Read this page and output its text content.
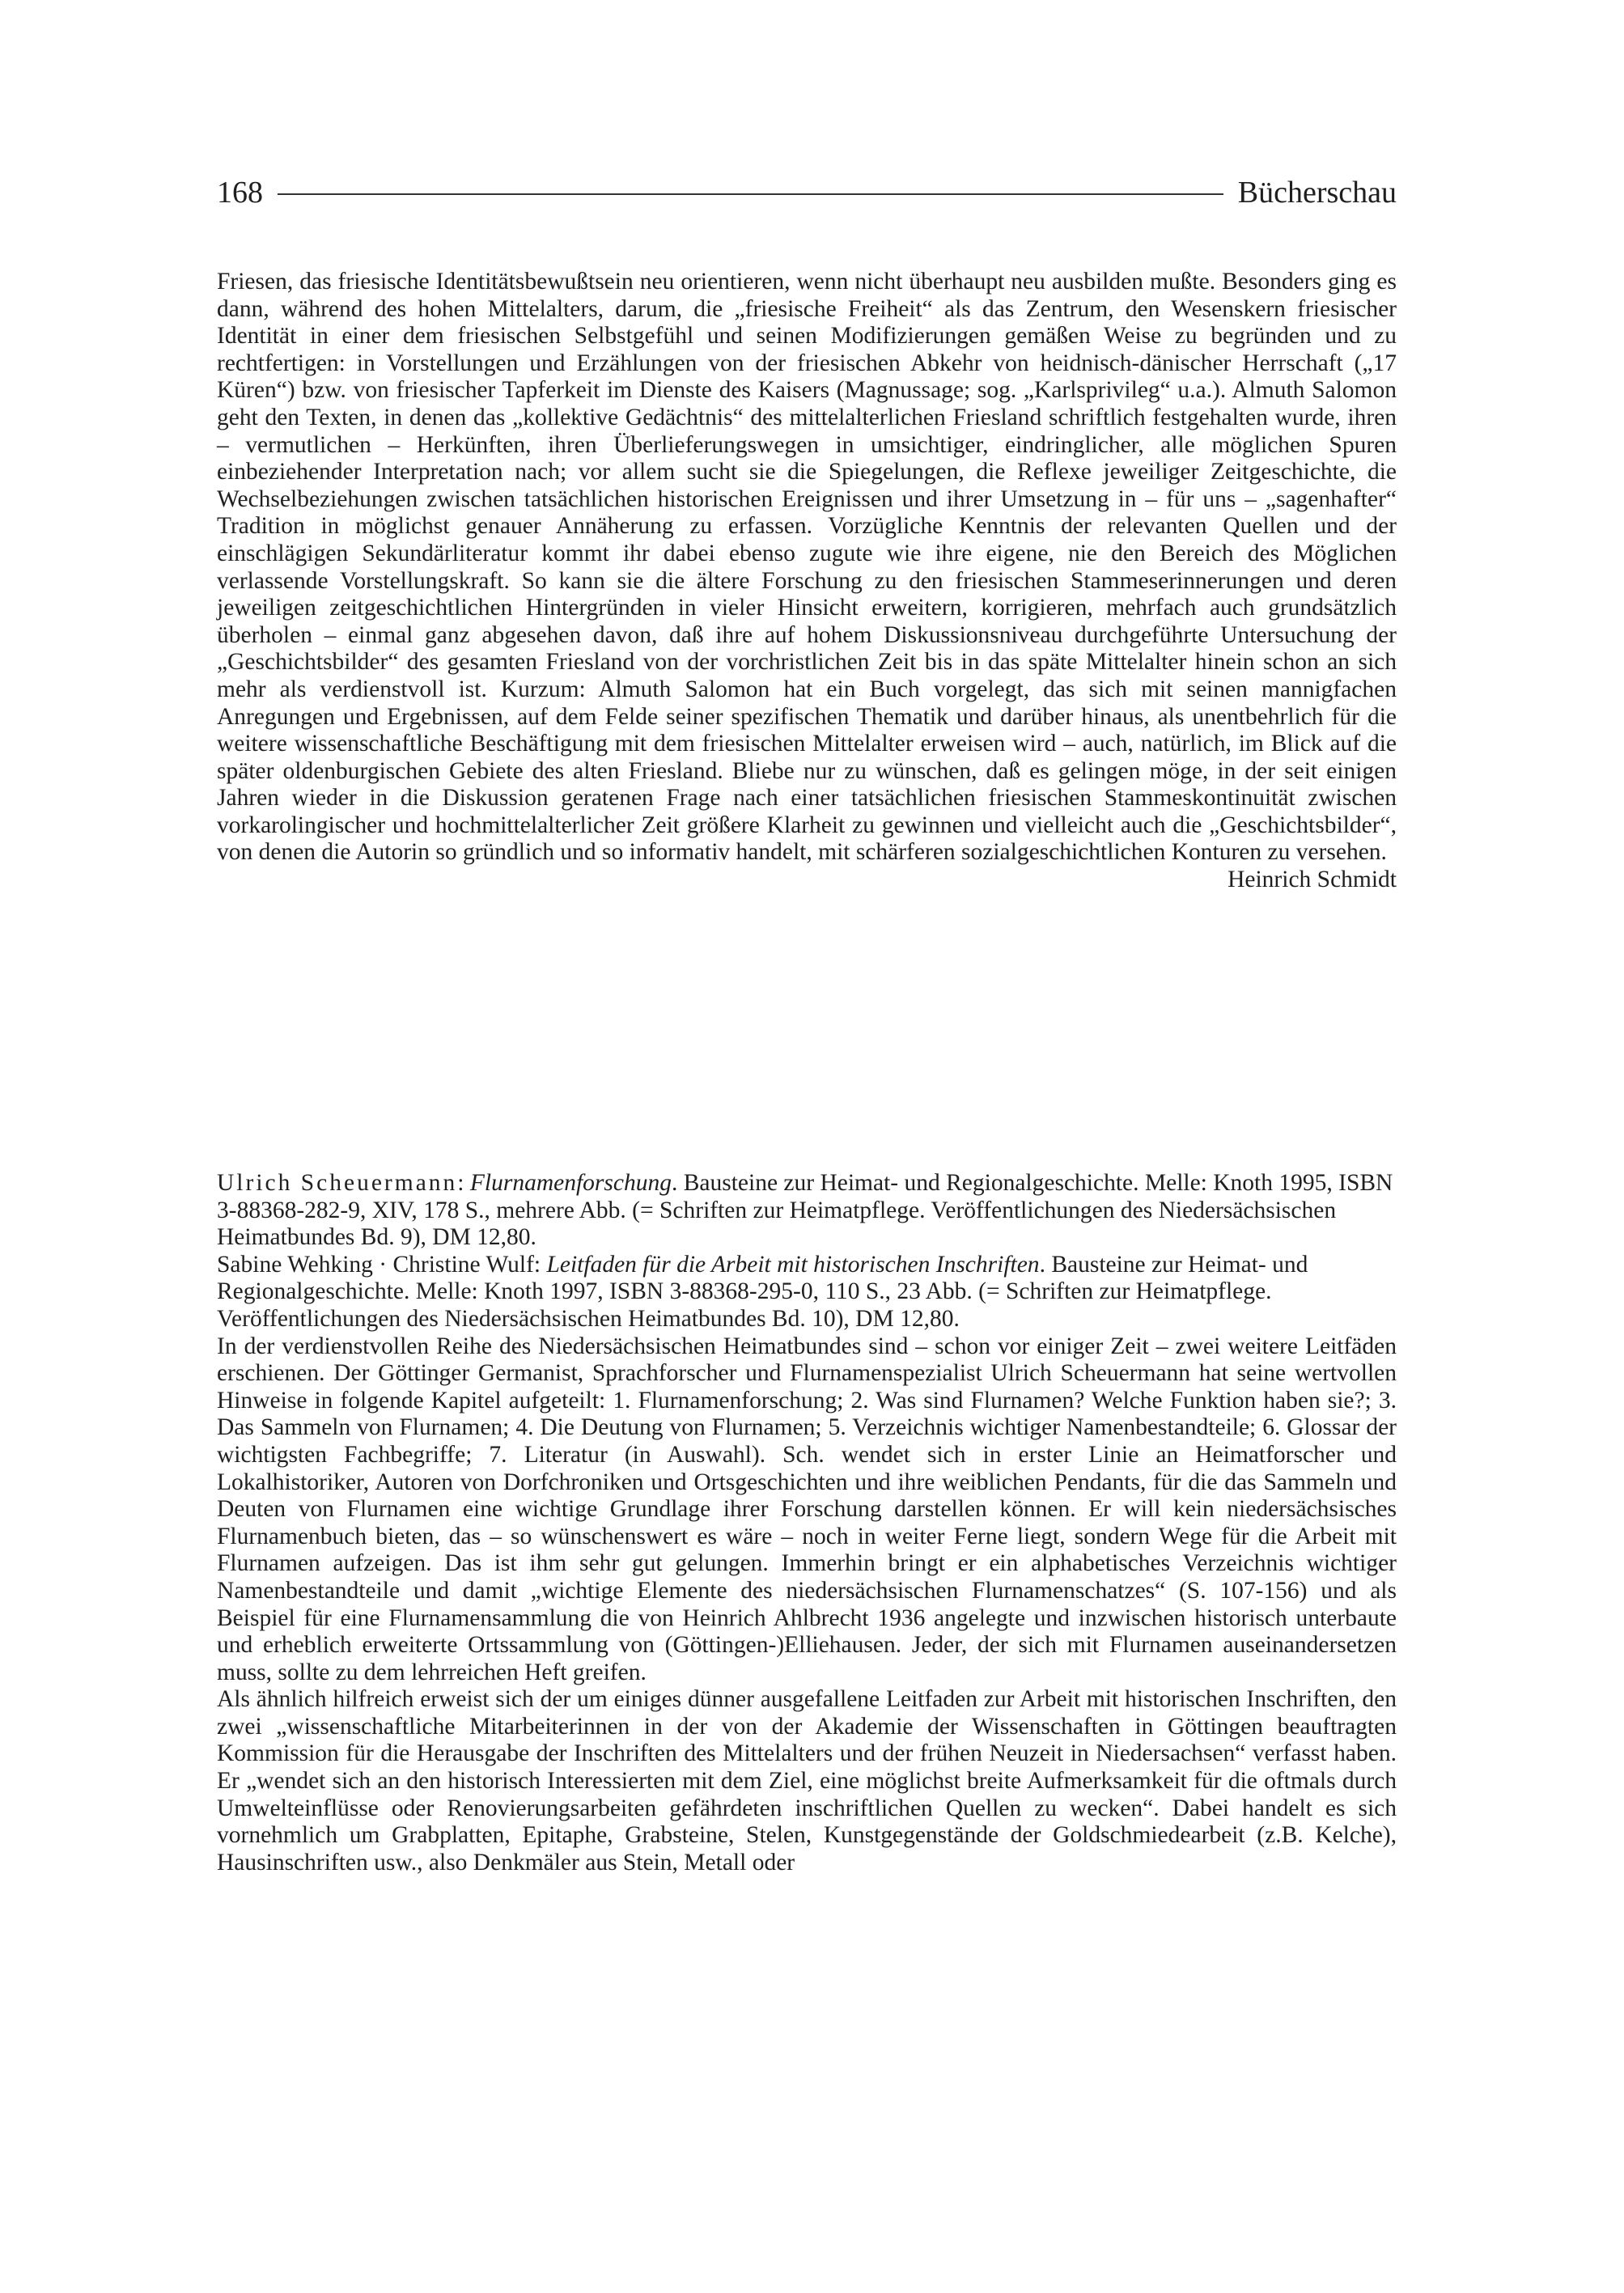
168	Bücherschau

Friesen, das friesische Identitätsbewußtsein neu orientieren, wenn nicht überhaupt neu ausbilden mußte. Besonders ging es dann, während des hohen Mittelalters, darum, die „friesische Freiheit“ als das Zentrum, den Wesenskern friesischer Identität in einer dem friesischen Selbstgefühl und seinen Modifizierungen gemäßen Weise zu begründen und zu rechtfertigen: in Vorstellungen und Erzählungen von der friesischen Abkehr von heidnisch-dänischer Herrschaft („17 Küren“) bzw. von friesischer Tapferkeit im Dienste des Kaisers (Magnussage; sog. „Karlsprivileg“ u.a.). Almuth Salomon geht den Texten, in denen das „kollektive Gedächtnis“ des mittelalterlichen Friesland schriftlich festgehalten wurde, ihren – vermutlichen – Herkünften, ihren Überlieferungswegen in umsichtiger, eindringlicher, alle möglichen Spuren einbeziehender Interpretation nach; vor allem sucht sie die Spiegelungen, die Reflexe jeweiliger Zeitgeschichte, die Wechselbeziehungen zwischen tatsächlichen historischen Ereignissen und ihrer Umsetzung in – für uns – „sagenhafter“ Tradition in möglichst genauer Annäherung zu erfassen. Vorzügliche Kenntnis der relevanten Quellen und der einschlägigen Sekundärliteratur kommt ihr dabei ebenso zugute wie ihre eigene, nie den Bereich des Möglichen verlassende Vorstellungskraft. So kann sie die ältere Forschung zu den friesischen Stammeserinnerungen und deren jeweiligen zeitgeschichtlichen Hintergründen in vieler Hinsicht erweitern, korrigieren, mehrfach auch grundsätzlich überholen – einmal ganz abgesehen davon, daß ihre auf hohem Diskussionsniveau durchgeführte Untersuchung der „Geschichtsbilder“ des gesamten Friesland von der vorchristlichen Zeit bis in das späte Mittelalter hinein schon an sich mehr als verdienstvoll ist. Kurzum: Almuth Salomon hat ein Buch vorgelegt, das sich mit seinen mannigfachen Anregungen und Ergebnissen, auf dem Felde seiner spezifischen Thematik und darüber hinaus, als unentbehrlich für die weitere wissenschaftliche Beschäftigung mit dem friesischen Mittelalter erweisen wird – auch, natürlich, im Blick auf die später oldenburgischen Gebiete des alten Friesland. Bliebe nur zu wünschen, daß es gelingen möge, in der seit einigen Jahren wieder in die Diskussion geratenen Frage nach einer tatsächlichen friesischen Stammeskontinuität zwischen vorkarolingischer und hochmittelalterlicher Zeit größere Klarheit zu gewinnen und vielleicht auch die „Geschichtsbilder“, von denen die Autorin so gründlich und so informativ handelt, mit schärferen sozialgeschichtlichen Konturen zu versehen.

Heinrich Schmidt

Ulrich Scheuermann: Flurnamenforschung. Bausteine zur Heimat- und Regionalgeschichte. Melle: Knoth 1995, ISBN 3-88368-282-9, XIV, 178 S., mehrere Abb. (= Schriften zur Heimatpflege. Veröffentlichungen des Niedersächsischen Heimatbundes Bd. 9), DM 12,80.

Sabine Wehking · Christine Wulf: Leitfaden für die Arbeit mit historischen Inschriften. Bausteine zur Heimat- und Regionalgeschichte. Melle: Knoth 1997, ISBN 3-88368-295-0, 110 S., 23 Abb. (= Schriften zur Heimatpflege. Veröffentlichungen des Niedersächsischen Heimatbundes Bd. 10), DM 12,80.

In der verdienstvollen Reihe des Niedersächsischen Heimatbundes sind – schon vor einiger Zeit – zwei weitere Leitfäden erschienen. Der Göttinger Germanist, Sprachforscher und Flurnamenspezialist Ulrich Scheuermann hat seine wertvollen Hinweise in folgende Kapitel aufgeteilt: 1. Flurnamenforschung; 2. Was sind Flurnamen? Welche Funktion haben sie?; 3. Das Sammeln von Flurnamen; 4. Die Deutung von Flurnamen; 5. Verzeichnis wichtiger Namenbestandteile; 6. Glossar der wichtigsten Fachbegriffe; 7. Literatur (in Auswahl). Sch. wendet sich in erster Linie an Heimatforscher und Lokalhistoriker, Autoren von Dorfchroniken und Ortsgeschichten und ihre weiblichen Pendants, für die das Sammeln und Deuten von Flurnamen eine wichtige Grundlage ihrer Forschung darstellen können. Er will kein niedersächsisches Flurnamenbuch bieten, das – so wünschenswert es wäre – noch in weiter Ferne liegt, sondern Wege für die Arbeit mit Flurnamen aufzeigen. Das ist ihm sehr gut gelungen. Immerhin bringt er ein alphabetisches Verzeichnis wichtiger Namenbestandteile und damit „wichtige Elemente des niedersächsischen Flurnamenschatzes“ (S. 107-156) und als Beispiel für eine Flurnamensammlung die von Heinrich Ahlbrecht 1936 angelegte und inzwischen historisch unterbaute und erheblich erweiterte Ortssammlung von (Göttingen-)Elliehausen. Jeder, der sich mit Flurnamen auseinandersetzen muss, sollte zu dem lehrreichen Heft greifen.

Als ähnlich hilfreich erweist sich der um einiges dünner ausgefallene Leitfaden zur Arbeit mit historischen Inschriften, den zwei „wissenschaftliche Mitarbeiterinnen in der von der Akademie der Wissenschaften in Göttingen beauftragten Kommission für die Herausgabe der Inschriften des Mittelalters und der frühen Neuzeit in Niedersachsen“ verfasst haben. Er „wendet sich an den historisch Interessierten mit dem Ziel, eine möglichst breite Aufmerksamkeit für die oftmals durch Umwelteinflüsse oder Renovierungsarbeiten gefährdeten inschriftlichen Quellen zu wecken“. Dabei handelt es sich vornehmlich um Grabplatten, Epitaphe, Grabsteine, Stelen, Kunstgegenstände der Goldschmiedearbeit (z.B. Kelche), Hausinschriften usw., also Denkmäler aus Stein, Metall oder
